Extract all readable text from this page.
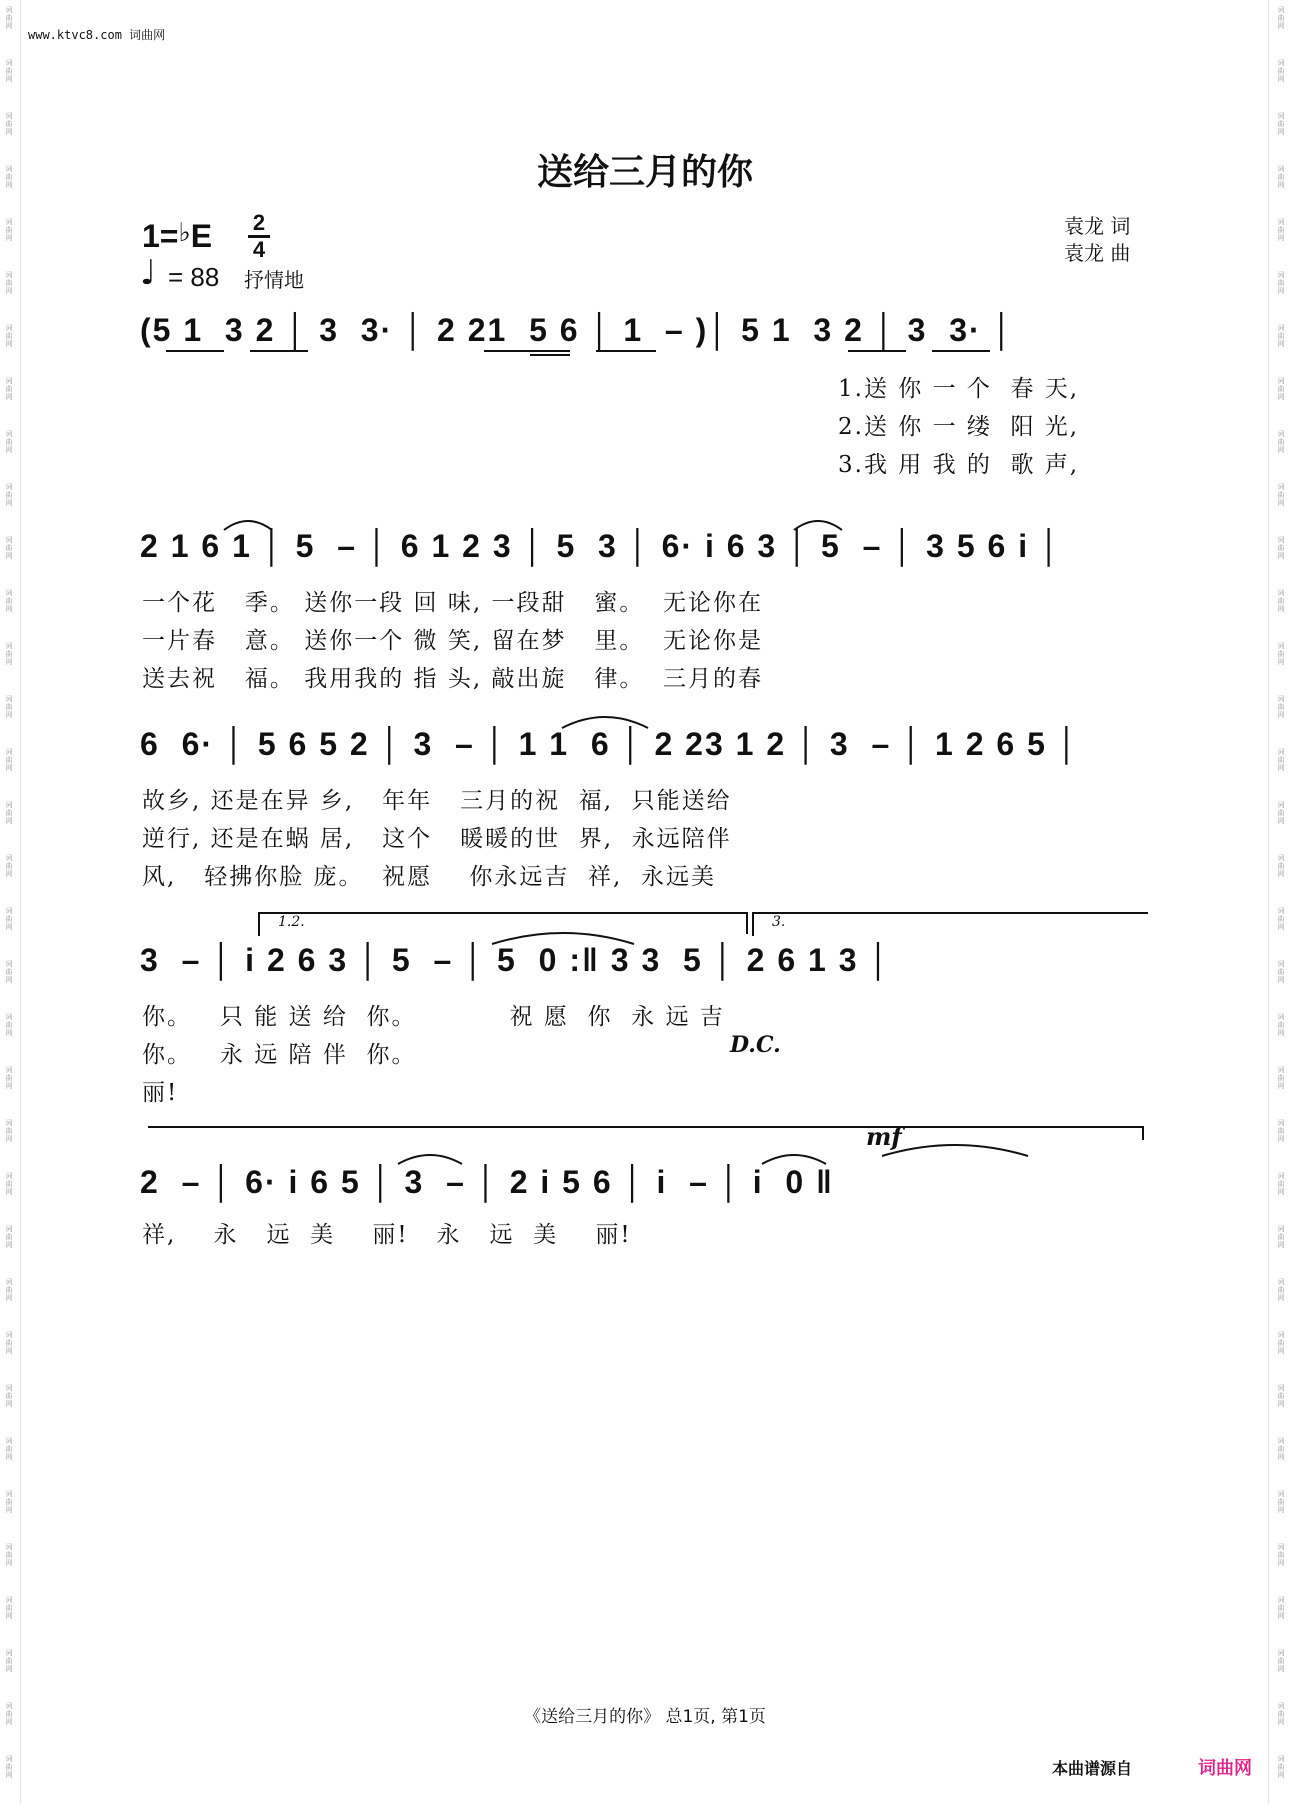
词
曲
网
词
曲
网
词
曲
网
词
曲
网
词
曲
网
词
曲
网
词
曲
网
词
曲
网
词
曲
网
词
曲
网
词
曲
网
词
曲
网
词
曲
网
词
曲
网
词
曲
网
词
曲
网
词
曲
网
词
曲
网
词
曲
网
词
曲
网
词
曲
网
词
曲
网
词
曲
网
词
曲
网
词
曲
网
词
曲
网
词
曲
网
词
曲
网
词
曲
网
词
曲
网
词
曲
网
词
曲
网
词
曲
网
词
曲
网
词
曲
网
词
曲
网
词
曲
网
词
曲
网
词
曲
网
词
曲
网
词
曲
网
词
曲
网
词
曲
网
词
曲
网
词
曲
网
词
曲
网
词
曲
网
词
曲
网
词
曲
网
词
曲
网
词
曲
网
词
曲
网
词
曲
网
词
曲
网
词
曲
网
词
曲
网
词
曲
网
词
曲
网
词
曲
网
词
曲
网
词
曲
网
词
曲
网
词
曲
网
词
曲
网
词
曲
网
词
曲
网
词
曲
网
词
曲
网
www.ktvc8.com 词曲网
送给三月的你
袁龙 词
袁龙 曲
1=♭E 2
4
♩ = 88 抒情地
(5 1  3 2 │ 3  3· │ 2 21  5 6 │ 1  – )│ 5 1  3 2 │ 3  3· │
1.送 你 一 个  春 天,
2.送 你 一 缕  阳 光,
3.我 用 我 的  歌 声,
2 1 6 1 │ 5  – │ 6 1 2 3 │ 5  3 │ 6· i 6 3 │ 5  – │ 3 5 6 i │
一个花   季。 送你一段 回 味, 一段甜   蜜。  无论你在
一片春   意。 送你一个 微 笑, 留在梦   里。  无论你是
送去祝   福。 我用我的 指 头, 敲出旋   律。  三月的春
6  6· │ 5 6 5 2 │ 3  – │ 1 1  6 │ 2 23 1 2 │ 3  – │ 1 2 6 5 │
故乡, 还是在异 乡,   年年   三月的祝  福,  只能送给
逆行, 还是在蜗 居,   这个   暖暖的世  界,  永远陪伴
风,   轻拂你脸 庞。  祝愿    你永远吉  祥,  永远美
1.2.	3.
3  – │ i 2 6 3 │ 5  – │ 5  0 :‖ 3 3  5 │ 2 6 1 3 │
你。   只 能 送 给  你。          祝 愿  你  永 远 吉
你。   永 远 陪 伴  你。
丽!
D.C.
mf
2  – │ 6· i 6 5 │ 3  – │ 2 i 5 6 │ i  – │ i  0 ‖
祥,    永   远  美    丽!   永   远  美    丽!
《送给三月的你》 总1页, 第1页
本曲谱源自	词曲网
